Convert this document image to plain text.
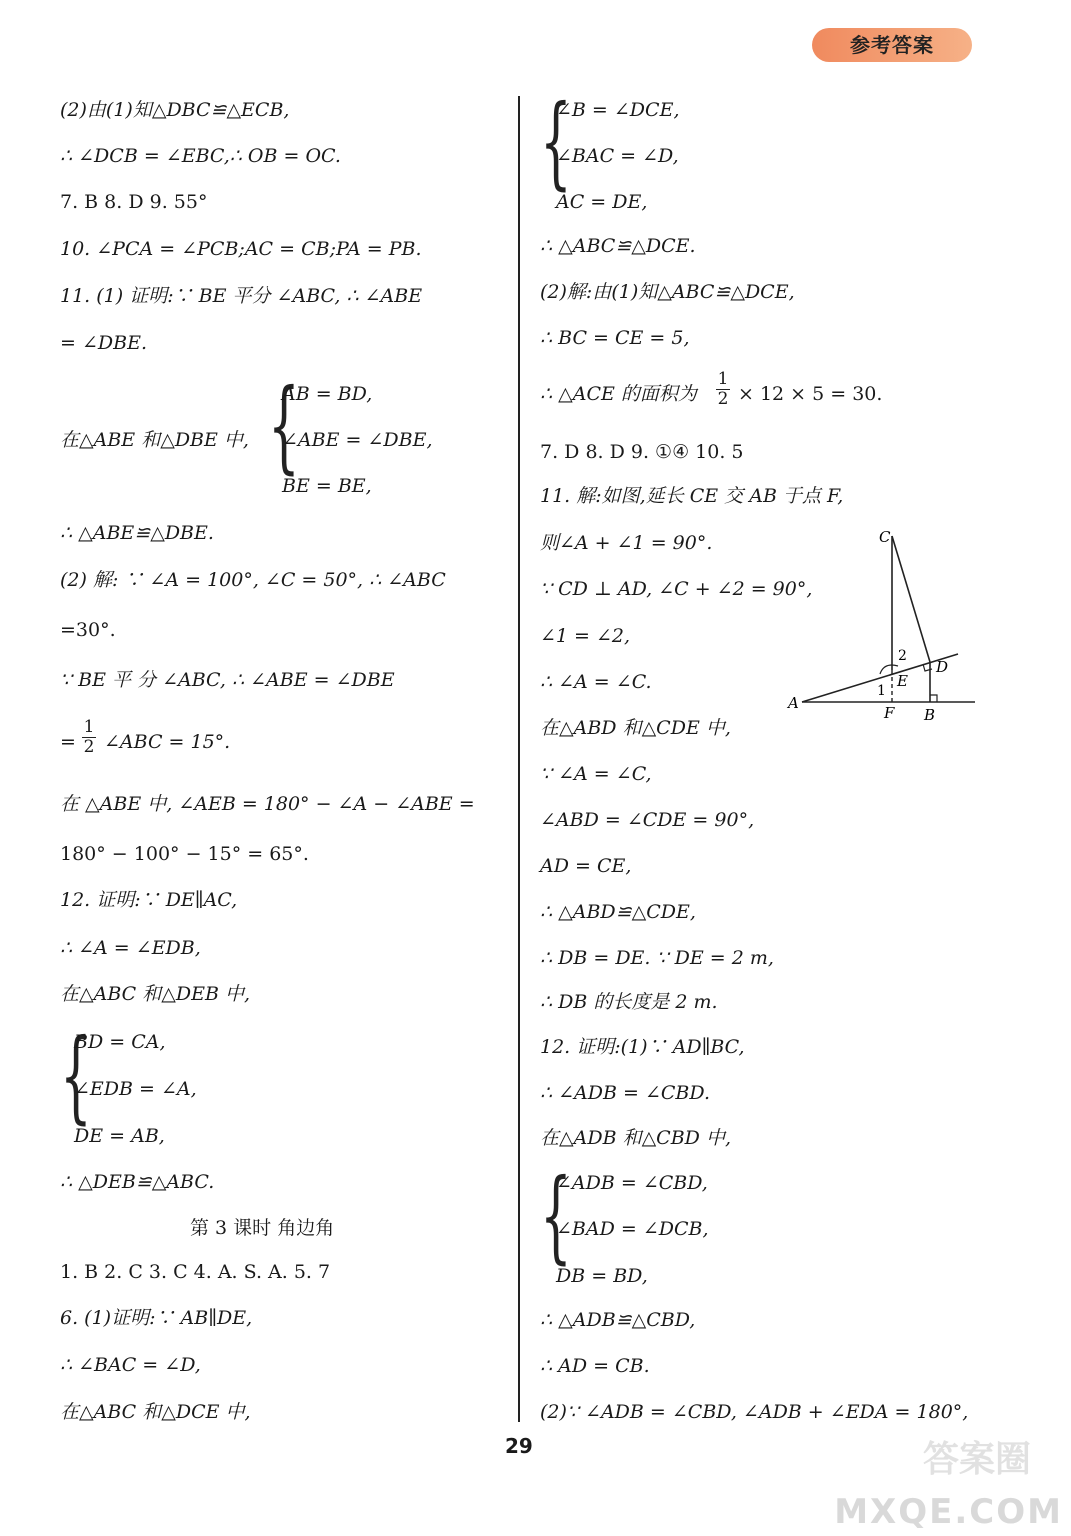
参考答案
(2)由(1)知△DBC≌△ECB,
∴ ∠DCB = ∠EBC,∴ OB = OC.
7. B 8. D 9. 55°
10. ∠PCA = ∠PCB;AC = CB;PA = PB.
11. (1) 证明:∵ BE 平分 ∠ABC, ∴ ∠ABE
= ∠DBE.
{
AB = BD,
在△ABE 和△DBE 中, ∠ABE = ∠DBE,
BE = BE,
∴ △ABE≌△DBE.
(2) 解: ∵ ∠A = 100°, ∠C = 50°, ∴ ∠ABC
=30°.
∵ BE 平 分 ∠ABC, ∴ ∠ABE = ∠DBE
=
1
2 ∠ABC = 15°.
在 △ABE 中, ∠AEB = 180° − ∠A − ∠ABE =
180° − 100° − 15° = 65°.
12. 证明:∵ DE∥AC,
∴ ∠A = ∠EDB,
在△ABC 和△DEB 中,
{
BD = CA,
∠EDB = ∠A,
DE = AB,
∴ △DEB≌△ABC.
第 3 课时 角边角
1. B 2. C 3. C 4. A. S. A. 5. 7
6. (1)证明:∵ AB∥DE,
∴ ∠BAC = ∠D,
在△ABC 和△DCE 中,
{
∠B = ∠DCE,
∠BAC = ∠D,
AC = DE,
∴ △ABC≌△DCE.
(2)解:由(1)知△ABC≌△DCE,
∴ BC = CE = 5,
∴ △ACE 的面积为
1
2 × 12 × 5 = 30.
7. D 8. D 9. ①④ 10. 5
11. 解:如图,延长 CE 交 AB 于点 F,
则∠A + ∠1 = 90°.
∵ CD ⊥ AD, ∠C + ∠2 = 90°,
∠1 = ∠2,
∴ ∠A = ∠C.
在△ABD 和△CDE 中,
∵ ∠A = ∠C,
∠ABD = ∠CDE = 90°,
AD = CE,
∴ △ABD≌△CDE,
∴ DB = DE. ∵ DE = 2 m,
∴ DB 的长度是 2 m.
12. 证明:(1)∵ AD∥BC,
∴ ∠ADB = ∠CBD.
在△ADB 和△CBD 中,
{
∠ADB = ∠CBD,
∠BAD = ∠DCB,
DB = BD,
∴ △ADB≌△CBD,
∴ AD = CB.
(2)∵ ∠ADB = ∠CBD, ∠ADB + ∠EDA = 180°,
C
2
D
E
1
A
F B
29	答案圈
MXQE.COM
